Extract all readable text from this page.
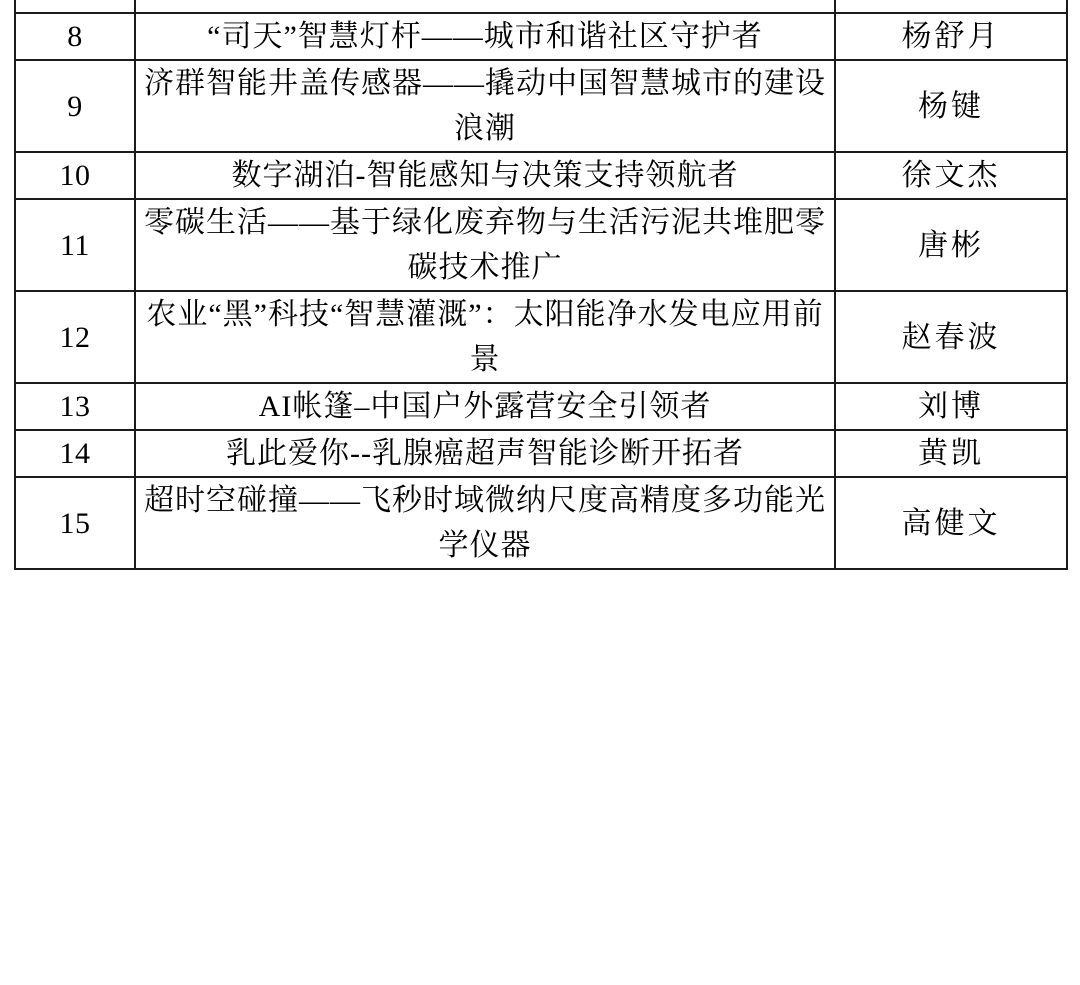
8	“司天”智慧灯杆——城市和谐社区守护者	杨舒月
9	济群智能井盖传感器——撬动中国智慧城市的建设浪潮	杨键
10	数字湖泊-智能感知与决策支持领航者	徐文杰
11	零碳生活——基于绿化废弃物与生活污泥共堆肥零碳技术推广	唐彬
12	农业“黑”科技“智慧灌溉”：太阳能净水发电应用前景	赵春波
13	AI帐篷–中国户外露营安全引领者	刘博
14	乳此爱你--乳腺癌超声智能诊断开拓者	黄凯
15	超时空碰撞——飞秒时域微纳尺度高精度多功能光学仪器	高健文
